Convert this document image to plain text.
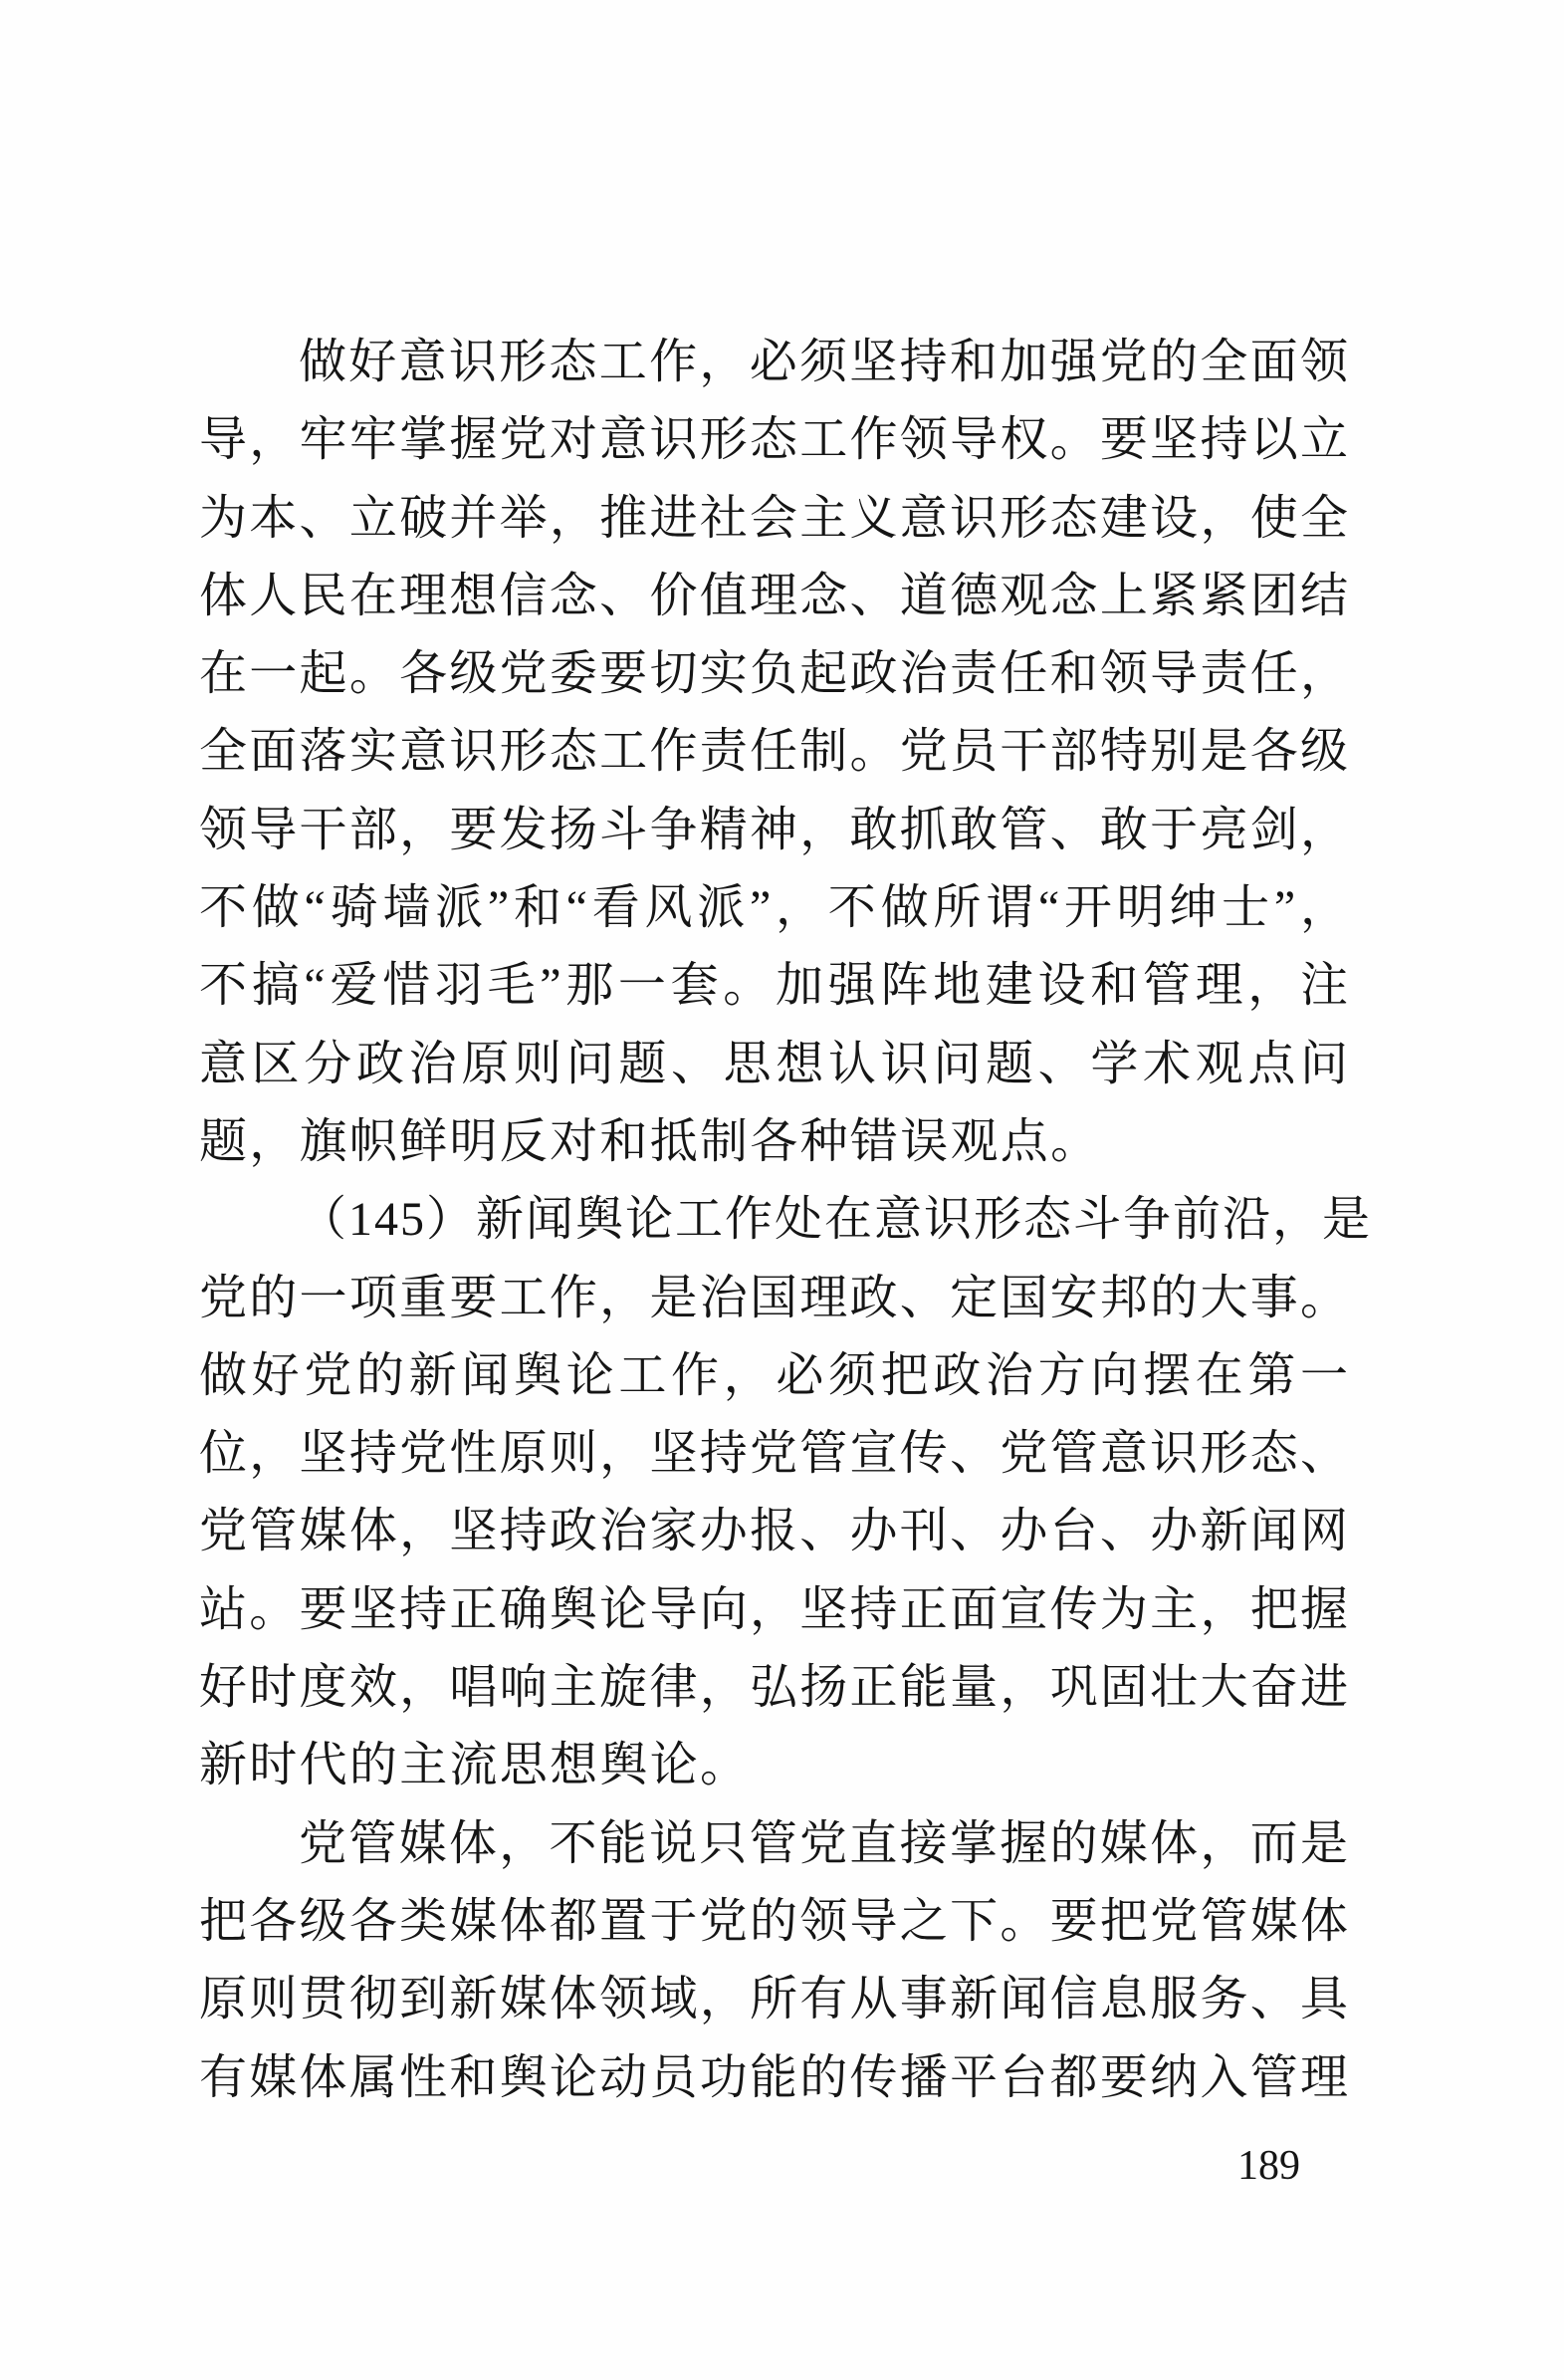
做好意识形态工作，必须坚持和加强党的全面领
导，牢牢掌握党对意识形态工作领导权。要坚持以立
为本、立破并举，推进社会主义意识形态建设，使全
体人民在理想信念、价值理念、道德观念上紧紧团结
在一起。各级党委要切实负起政治责任和领导责任，
全面落实意识形态工作责任制。党员干部特别是各级
领导干部，要发扬斗争精神，敢抓敢管、敢于亮剑，
不做“骑墙派”和“看风派”，不做所谓“开明绅士”，
不搞“爱惜羽毛”那一套。加强阵地建设和管理，注
意区分政治原则问题、思想认识问题、学术观点问
题，旗帜鲜明反对和抵制各种错误观点。
（145）新闻舆论工作处在意识形态斗争前沿，是
党的一项重要工作，是治国理政、定国安邦的大事。
做好党的新闻舆论工作，必须把政治方向摆在第一
位，坚持党性原则，坚持党管宣传、党管意识形态、
党管媒体，坚持政治家办报、办刊、办台、办新闻网
站。要坚持正确舆论导向，坚持正面宣传为主，把握
好时度效，唱响主旋律，弘扬正能量，巩固壮大奋进
新时代的主流思想舆论。
党管媒体，不能说只管党直接掌握的媒体，而是
把各级各类媒体都置于党的领导之下。要把党管媒体
原则贯彻到新媒体领域，所有从事新闻信息服务、具
有媒体属性和舆论动员功能的传播平台都要纳入管理
189
